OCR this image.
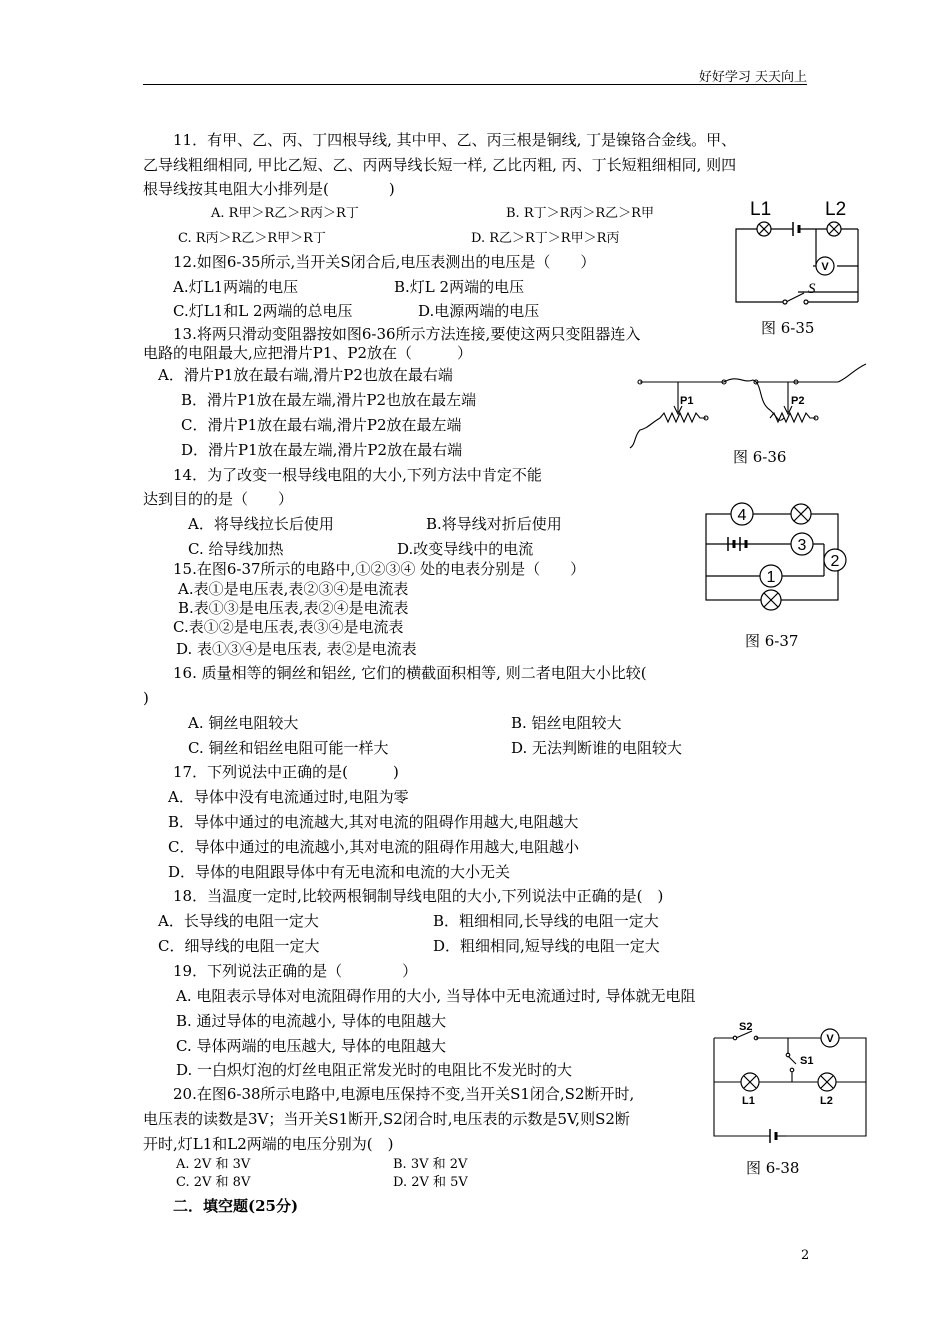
好好学习 天天向上
11．有甲、乙、丙、丁四根导线, 其中甲、乙、丙三根是铜线, 丁是镍铬合金线。甲、
乙导线粗细相同, 甲比乙短、乙、丙两导线长短一样, 乙比丙粗, 丙、丁长短粗细相同, 则四
根导线按其电阻大小排列是(　　　　)
A. R甲＞R乙＞R丙＞R丁	B. R丁＞R丙＞R乙＞R甲
C. R丙＞R乙＞R甲＞R丁	D. R乙＞R丁＞R甲＞R丙
12.如图6-35所示,当开关S闭合后,电压表测出的电压是（　　）
A.灯L1两端的电压	B.灯L 2两端的电压
C.灯L1和L 2两端的总电压	D.电源两端的电压
13.将两只滑动变阻器按如图6-36所示方法连接,要使这两只变阻器连入
电路的电阻最大,应把滑片P1、P2放在（　　　）
A．滑片P1放在最右端,滑片P2也放在最右端
B．滑片P1放在最左端,滑片P2也放在最左端
C．滑片P1放在最右端,滑片P2放在最左端
D．滑片P1放在最左端,滑片P2放在最右端
14．为了改变一根导线电阻的大小,下列方法中肯定不能
达到目的的是（　　）
A．将导线拉长后使用	B.将导线对折后使用
C. 给导线加热	D.改变导线中的电流
15.在图6-37所示的电路中,①②③④ 处的电表分别是（　　）
A.表①是电压表,表②③④是电流表
B.表①③是电压表,表②④是电流表
C.表①②是电压表,表③④是电流表
D. 表①③④是电压表, 表②是电流表
16. 质量相等的铜丝和铝丝, 它们的横截面积相等, 则二者电阻大小比较(
)
A. 铜丝电阻较大	B. 铝丝电阻较大
C. 铜丝和铝丝电阻可能一样大	D. 无法判断谁的电阻较大
17．下列说法中正确的是(　　　)
A．导体中没有电流通过时,电阻为零
B．导体中通过的电流越大,其对电流的阻碍作用越大,电阻越大
C．导体中通过的电流越小,其对电流的阻碍作用越大,电阻越小
D．导体的电阻跟导体中有无电流和电流的大小无关
18．当温度一定时,比较两根铜制导线电阻的大小,下列说法中正确的是(　)
A．长导线的电阻一定大	B．粗细相同,长导线的电阻一定大
C．细导线的电阻一定大	D．粗细相同,短导线的电阻一定大
19．下列说法正确的是（　　　　）
A. 电阻表示导体对电流阻碍作用的大小, 当导体中无电流通过时, 导体就无电阻
B. 通过导体的电流越小, 导体的电阻越大
C. 导体两端的电压越大, 导体的电阻越大
D. 一白炽灯泡的灯丝电阻正常发光时的电阻比不发光时的大
20.在图6-38所示电路中,电源电压保持不变,当开关S1闭合,S2断开时,
电压表的读数是3V；当开关S1断开,S2闭合时,电压表的示数是5V,则S2断
开时,灯L1和L2两端的电压分别为(　)
A. 2V 和 3V	B. 3V 和 2V
C. 2V 和 8V	D. 2V 和 5V
二．填空题(25分)
2
V
L1	L2
S
图 6-35
P1	P2
图 6-36
4
3
2
1
图 6-37
V
S2
S1
L1	L2
图 6-38
